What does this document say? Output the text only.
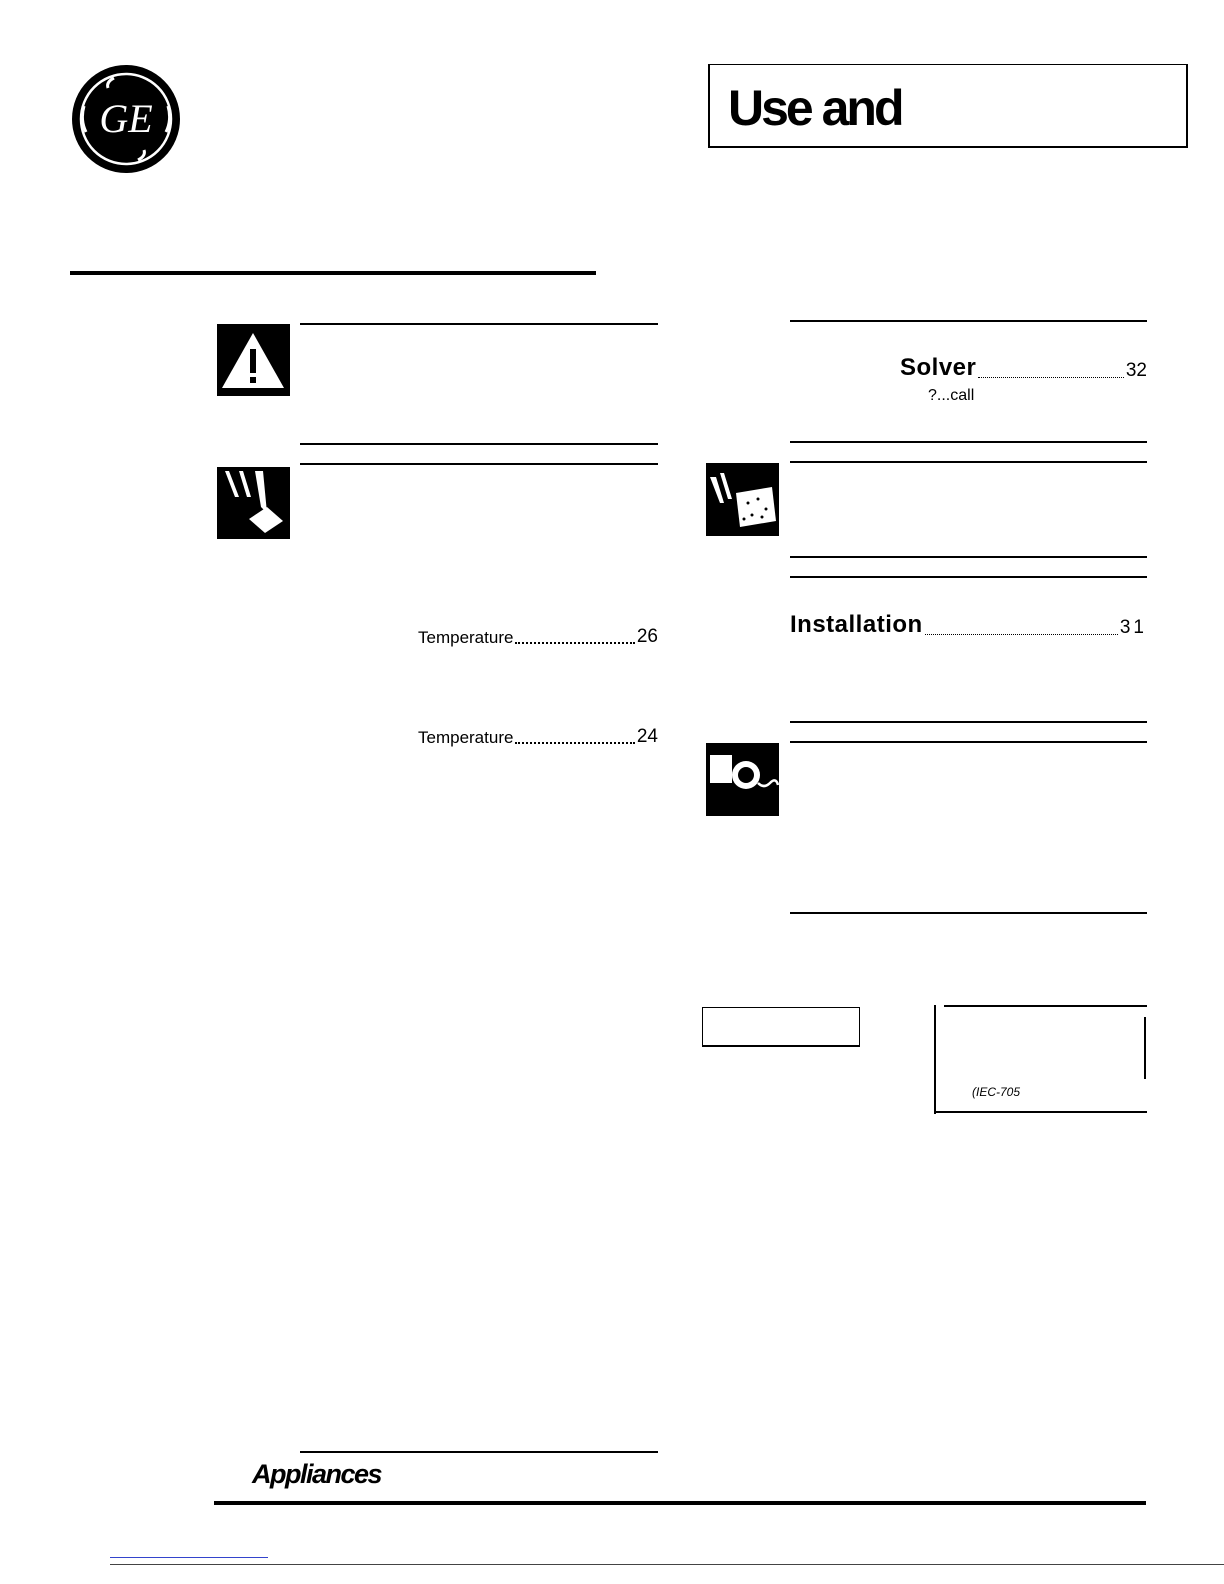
GE	Use and
Temperature	26
Temperature	24
Solver	32
?...call
Installation	31
(IEC-705
Appliances
